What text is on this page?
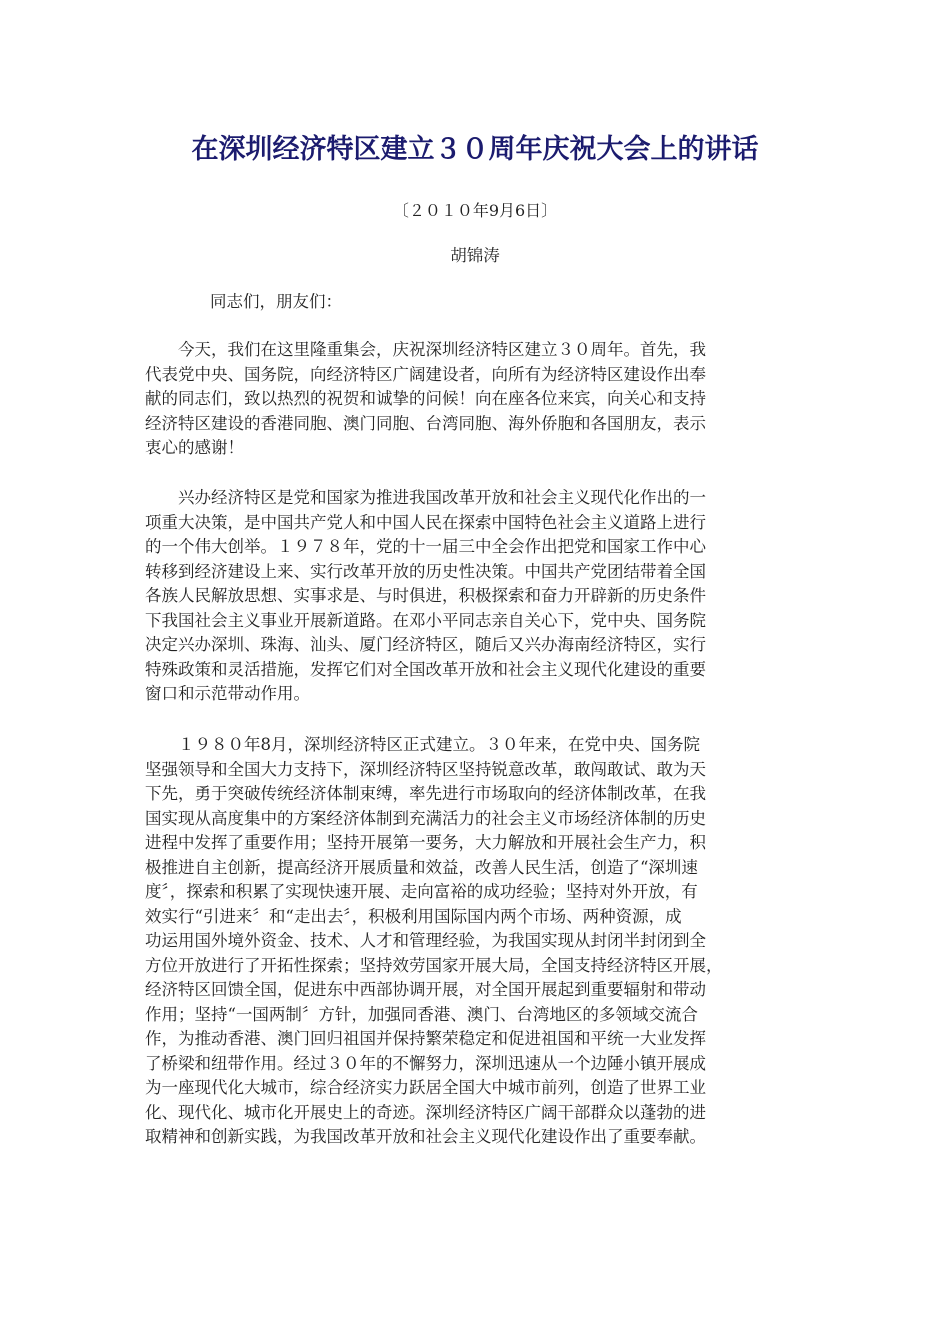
在深圳经济特区建立３０周年庆祝大会上的讲话
〔２０１０年9月6日〕
胡锦涛
同志们，朋友们：
　　今天，我们在这里隆重集会，庆祝深圳经济特区建立３０周年。首先，我
代表党中央、国务院，向经济特区广阔建设者，向所有为经济特区建设作出奉
献的同志们，致以热烈的祝贺和诚挚的问候！向在座各位来宾，向关心和支持
经济特区建设的香港同胞、澳门同胞、台湾同胞、海外侨胞和各国朋友，表示
衷心的感谢！
　　兴办经济特区是党和国家为推进我国改革开放和社会主义现代化作出的一
项重大决策，是中国共产党人和中国人民在探索中国特色社会主义道路上进行
的一个伟大创举。１９７８年，党的十一届三中全会作出把党和国家工作中心
转移到经济建设上来、实行改革开放的历史性决策。中国共产党团结带着全国
各族人民解放思想、实事求是、与时俱进，积极探索和奋力开辟新的历史条件
下我国社会主义事业开展新道路。在邓小平同志亲自关心下，党中央、国务院
决定兴办深圳、珠海、汕头、厦门经济特区，随后又兴办海南经济特区，实行
特殊政策和灵活措施，发挥它们对全国改革开放和社会主义现代化建设的重要
窗口和示范带动作用。
　　１９８０年8月，深圳经济特区正式建立。３０年来，在党中央、国务院
坚强领导和全国大力支持下，深圳经济特区坚持锐意改革，敢闯敢试、敢为天
下先，勇于突破传统经济体制束缚，率先进行市场取向的经济体制改革，在我
国实现从高度集中的方案经济体制到充满活力的社会主义市场经济体制的历史
进程中发挥了重要作用；坚持开展第一要务，大力解放和开展社会生产力，积
极推进自主创新，提高经济开展质量和效益，改善人民生活，创造了“深圳速
度〞，探索和积累了实现快速开展、走向富裕的成功经验；坚持对外开放，有
效实行“引进来〞和“走出去〞，积极利用国际国内两个市场、两种资源，成
功运用国外境外资金、技术、人才和管理经验，为我国实现从封闭半封闭到全
方位开放进行了开拓性探索；坚持效劳国家开展大局，全国支持经济特区开展，
经济特区回馈全国，促进东中西部协调开展，对全国开展起到重要辐射和带动
作用；坚持“一国两制〞方针，加强同香港、澳门、台湾地区的多领域交流合
作，为推动香港、澳门回归祖国并保持繁荣稳定和促进祖国和平统一大业发挥
了桥梁和纽带作用。经过３０年的不懈努力，深圳迅速从一个边陲小镇开展成
为一座现代化大城市，综合经济实力跃居全国大中城市前列，创造了世界工业
化、现代化、城市化开展史上的奇迹。深圳经济特区广阔干部群众以蓬勃的进
取精神和创新实践，为我国改革开放和社会主义现代化建设作出了重要奉献。
